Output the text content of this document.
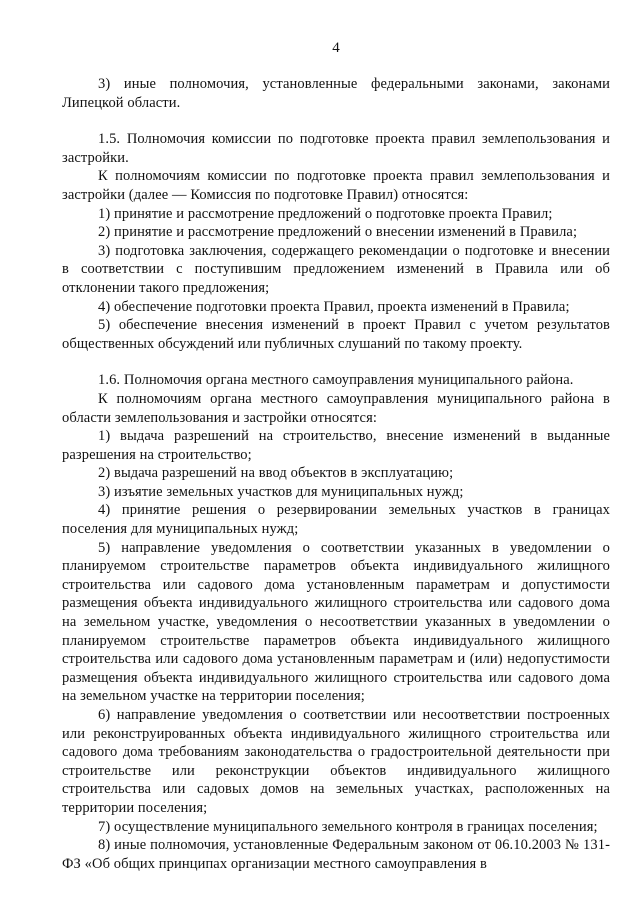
4

3) иные полномочия, установленные федеральными законами, законами Липецкой области.

1.5. Полномочия комиссии по подготовке проекта правил землепользования и застройки.

К полномочиям комиссии по подготовке проекта правил землепользования и застройки (далее — Комиссия по подготовке Правил) относятся:

1) принятие и рассмотрение предложений о подготовке проекта Правил;

2) принятие и рассмотрение предложений о внесении изменений в Правила;

3) подготовка заключения, содержащего рекомендации о подготовке и внесении в соответствии с поступившим предложением изменений в Правила или об отклонении такого предложения;

4) обеспечение подготовки проекта Правил, проекта изменений в Правила;

5) обеспечение внесения изменений в проект Правил с учетом результатов общественных обсуждений или публичных слушаний по такому проекту.

1.6. Полномочия органа местного самоуправления муниципального района.

К полномочиям органа местного самоуправления муниципального района в области землепользования и застройки относятся:

1) выдача разрешений на строительство, внесение изменений в выданные разрешения на строительство;

2) выдача разрешений на ввод объектов в эксплуатацию;

3) изъятие земельных участков для муниципальных нужд;

4) принятие решения о резервировании земельных участков в границах поселения для муниципальных нужд;

5) направление уведомления о соответствии указанных в уведомлении о планируемом строительстве параметров объекта индивидуального жилищного строительства или садового дома установленным параметрам и допустимости размещения объекта индивидуального жилищного строительства или садового дома на земельном участке, уведомления о несоответствии указанных в уведомлении о планируемом строительстве параметров объекта индивидуального жилищного строительства или садового дома установленным параметрам и (или) недопустимости размещения объекта индивидуального жилищного строительства или садового дома на земельном участке на территории поселения;

6) направление уведомления о соответствии или несоответствии построенных или реконструированных объекта индивидуального жилищного строительства или садового дома требованиям законодательства о градостроительной деятельности при строительстве или реконструкции объектов индивидуального жилищного строительства или садовых домов на земельных участках, расположенных на территории поселения;

7) осуществление муниципального земельного контроля в границах поселения;

8) иные полномочия, установленные Федеральным законом от 06.10.2003 № 131-ФЗ «Об общих принципах организации местного самоуправления в
